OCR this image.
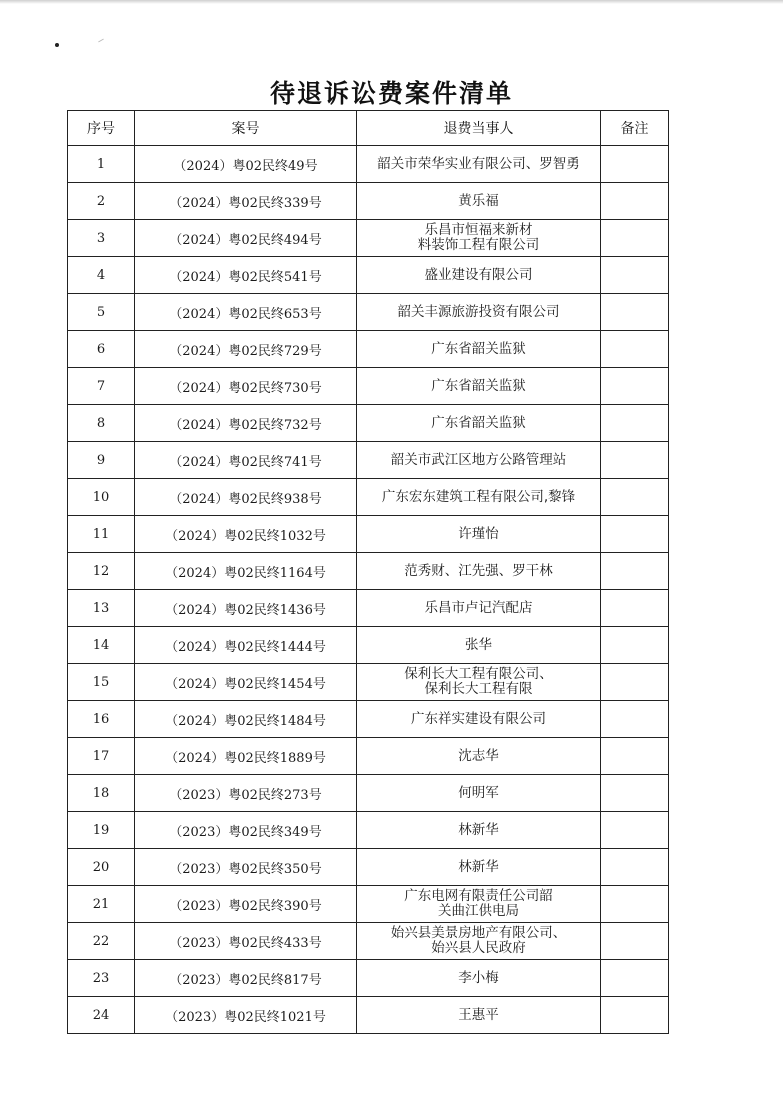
待退诉讼费案件清单
序号	案号	退费当事人	备注
1	（2024）粤02民终49号	韶关市荣华实业有限公司、罗智勇	
2	（2024）粤02民终339号	黄乐福	
3	（2024）粤02民终494号	乐昌市恒福来新材
料装饰工程有限公司	

4	（2024）粤02民终541号	盛业建设有限公司	
5	（2024）粤02民终653号	韶关丰源旅游投资有限公司	
6	（2024）粤02民终729号	广东省韶关监狱	
7	（2024）粤02民终730号	广东省韶关监狱	
8	（2024）粤02民终732号	广东省韶关监狱	
9	（2024）粤02民终741号	韶关市武江区地方公路管理站	
10	（2024）粤02民终938号	广东宏东建筑工程有限公司,黎锋	
11	（2024）粤02民终1032号	许瑾怡	
12	（2024）粤02民终1164号	范秀财、江先强、罗干林	
13	（2024）粤02民终1436号	乐昌市卢记汽配店	
14	（2024）粤02民终1444号	张华	
15	（2024）粤02民终1454号	保利长大工程有限公司、
保利长大工程有限	

16	（2024）粤02民终1484号	广东祥实建设有限公司	
17	（2024）粤02民终1889号	沈志华	
18	（2023）粤02民终273号	何明军	
19	（2023）粤02民终349号	林新华	
20	（2023）粤02民终350号	林新华	
21	（2023）粤02民终390号	广东电网有限责任公司韶
关曲江供电局	

22	（2023）粤02民终433号	始兴县美景房地产有限公司、
始兴县人民政府	

23	（2023）粤02民终817号	李小梅	
24	（2023）粤02民终1021号	王惠平	
